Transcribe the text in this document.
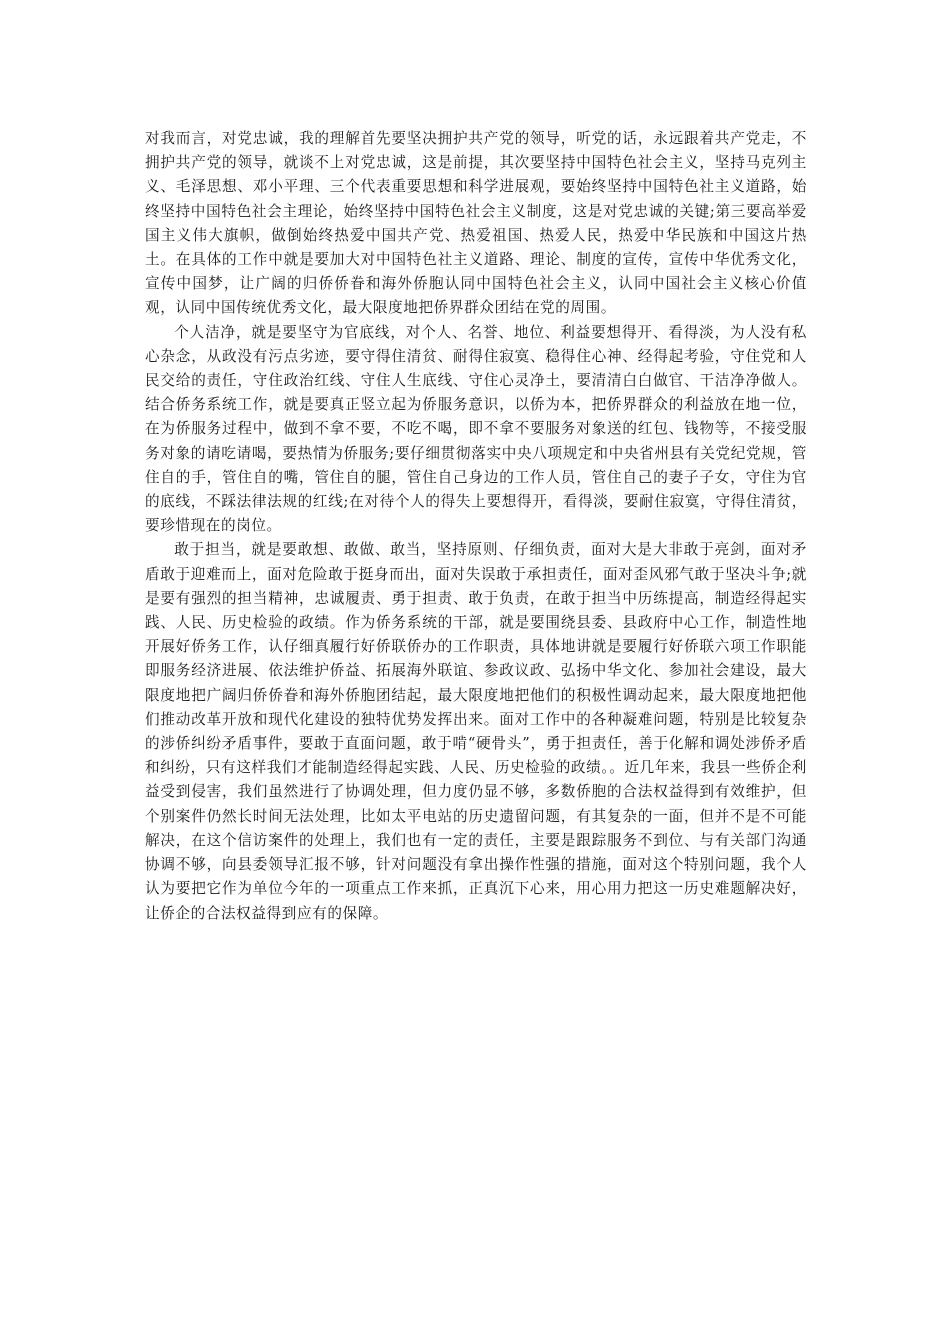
对我而言，对党忠诚，我的理解首先要坚决拥护共产党的领导，听党的话，永远跟着共产党走，不拥护共产党的领导，就谈不上对党忠诚，这是前提，其次要坚持中国特色社会主义，坚持马克列主义、毛泽思想、邓小平理、三个代表重要思想和科学进展观，要始终坚持中国特色社主义道路，始终坚持中国特色社会主理论，始终坚持中国特色社会主义制度，这是对党忠诚的关键;第三要高举爱国主义伟大旗帜，做倒始终热爱中国共产党、热爱祖国、热爱人民，热爱中华民族和中国这片热土。在具体的工作中就是要加大对中国特色社主义道路、理论、制度的宣传，宣传中华优秀文化，宣传中国梦，让广阔的归侨侨眷和海外侨胞认同中国特色社会主义，认同中国社会主义核心价值观，认同中国传统优秀文化，最大限度地把侨界群众团结在党的周围。

个人洁净，就是要坚守为官底线，对个人、名誉、地位、利益要想得开、看得淡，为人没有私心杂念，从政没有污点劣迹，要守得住清贫、耐得住寂寞、稳得住心神、经得起考验，守住党和人民交给的责任，守住政治红线、守住人生底线、守住心灵净土，要清清白白做官、干洁净净做人。结合侨务系统工作，就是要真正竖立起为侨服务意识，以侨为本，把侨界群众的利益放在地一位，在为侨服务过程中，做到不拿不要，不吃不喝，即不拿不要服务对象送的红包、钱物等，不接受服务对象的请吃请喝，要热情为侨服务;要仔细贯彻落实中央八项规定和中央省州县有关党纪党规，管住自的手，管住自的嘴，管住自的腿，管住自己身边的工作人员，管住自己的妻子子女，守住为官的底线，不踩法律法规的红线;在对待个人的得失上要想得开，看得淡，要耐住寂寞，守得住清贫，要珍惜现在的岗位。

敢于担当，就是要敢想、敢做、敢当，坚持原则、仔细负责，面对大是大非敢于亮剑，面对矛盾敢于迎难而上，面对危险敢于挺身而出，面对失误敢于承担责任，面对歪风邪气敢于坚决斗争;就是要有强烈的担当精神，忠诚履责、勇于担责、敢于负责，在敢于担当中历练提高，制造经得起实践、人民、历史检验的政绩。作为侨务系统的干部，就是要围绕县委、县政府中心工作，制造性地开展好侨务工作，认仔细真履行好侨联侨办的工作职责，具体地讲就是要履行好侨联六项工作职能即服务经济进展、依法维护侨益、拓展海外联谊、参政议政、弘扬中华文化、参加社会建设，最大限度地把广阔归侨侨眷和海外侨胞团结起，最大限度地把他们的积极性调动起来，最大限度地把他们推动改革开放和现代化建设的独特优势发挥出来。面对工作中的各种凝难问题，特别是比较复杂的涉侨纠纷矛盾事件，要敢于直面问题，敢于啃“硬骨头”，勇于担责任，善于化解和调处涉侨矛盾和纠纷，只有这样我们才能制造经得起实践、人民、历史检验的政绩。。近几年来，我县一些侨企利益受到侵害，我们虽然进行了协调处理，但力度仍显不够，多数侨胞的合法权益得到有效维护，但个别案件仍然长时间无法处理，比如太平电站的历史遗留问题，有其复杂的一面，但并不是不可能解决，在这个信访案件的处理上，我们也有一定的责任，主要是跟踪服务不到位、与有关部门沟通协调不够，向县委领导汇报不够，针对问题没有拿出操作性强的措施，面对这个特别问题，我个人认为要把它作为单位今年的一项重点工作来抓，正真沉下心来，用心用力把这一历史难题解决好，让侨企的合法权益得到应有的保障。
